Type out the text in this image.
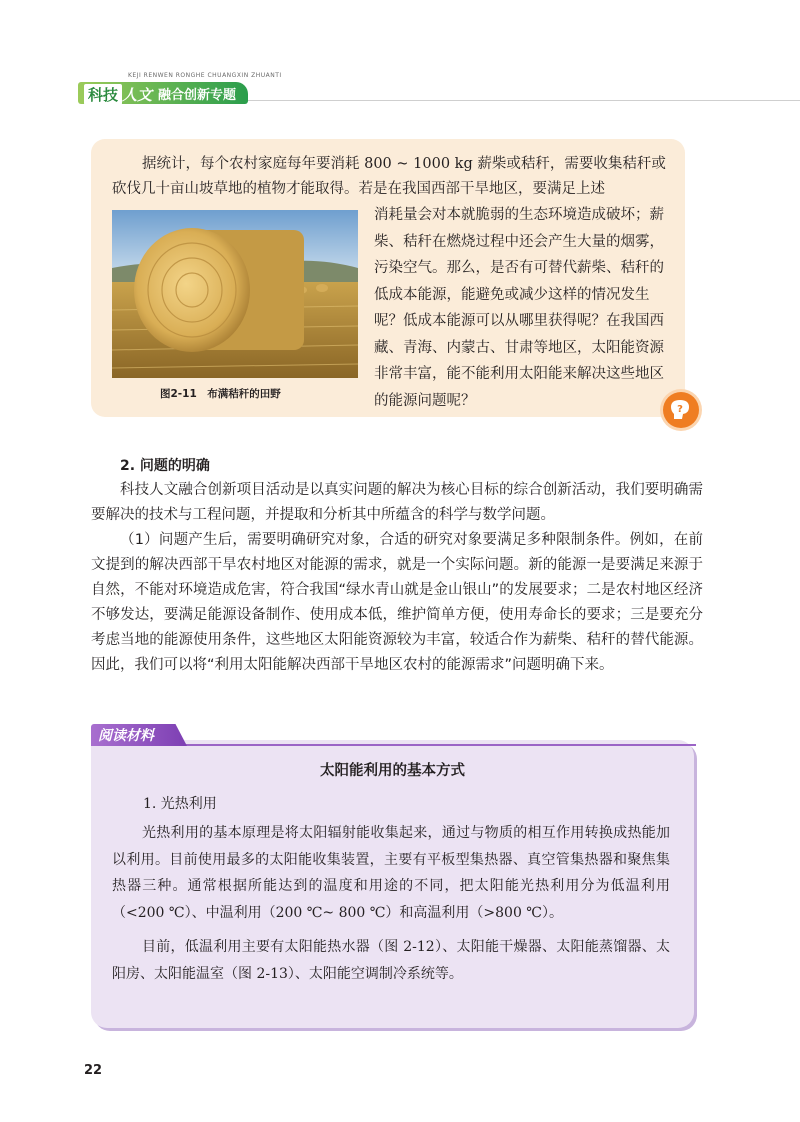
KEJI RENWEN RONGHE CHUANGXIN ZHUANTI
科技 人文 融合创新专题

据统计，每个农村家庭每年要消耗 800 ~ 1000 kg 薪柴或秸秆，需要收集秸秆或砍伐几十亩山坡草地的植物才能取得。若是在我国西部干旱地区，要满足上述

图2-11　布满秸秆的田野

消耗量会对本就脆弱的生态环境造成破坏；薪柴、秸秆在燃烧过程中还会产生大量的烟雾，污染空气。那么，是否有可替代薪柴、秸秆的低成本能源，能避免或减少这样的情况发生呢？低成本能源可以从哪里获得呢？在我国西藏、青海、内蒙古、甘肃等地区，太阳能资源非常丰富，能不能利用太阳能来解决这些地区的能源问题呢？

?
2. 问题的明确

科技人文融合创新项目活动是以真实问题的解决为核心目标的综合创新活动，我们要明确需要解决的技术与工程问题，并提取和分析其中所蕴含的科学与数学问题。

（1）问题产生后，需要明确研究对象，合适的研究对象要满足多种限制条件。例如，在前文提到的解决西部干旱农村地区对能源的需求，就是一个实际问题。新的能源一是要满足来源于自然，不能对环境造成危害，符合我国“绿水青山就是金山银山”的发展要求；二是农村地区经济不够发达，要满足能源设备制作、使用成本低，维护简单方便，使用寿命长的要求；三是要充分考虑当地的能源使用条件，这些地区太阳能资源较为丰富，较适合作为薪柴、秸秆的替代能源。因此，我们可以将“利用太阳能解决西部干旱地区农村的能源需求”问题明确下来。

阅读材料
太阳能利用的基本方式
1. 光热利用

光热利用的基本原理是将太阳辐射能收集起来，通过与物质的相互作用转换成热能加以利用。目前使用最多的太阳能收集装置，主要有平板型集热器、真空管集热器和聚焦集热器三种。通常根据所能达到的温度和用途的不同，把太阳能光热利用分为低温利用（<200 ℃）、中温利用（200 ℃~ 800 ℃）和高温利用（>800 ℃）。

目前，低温利用主要有太阳能热水器（图 2-12）、太阳能干燥器、太阳能蒸馏器、太阳房、太阳能温室（图 2-13）、太阳能空调制冷系统等。

22
